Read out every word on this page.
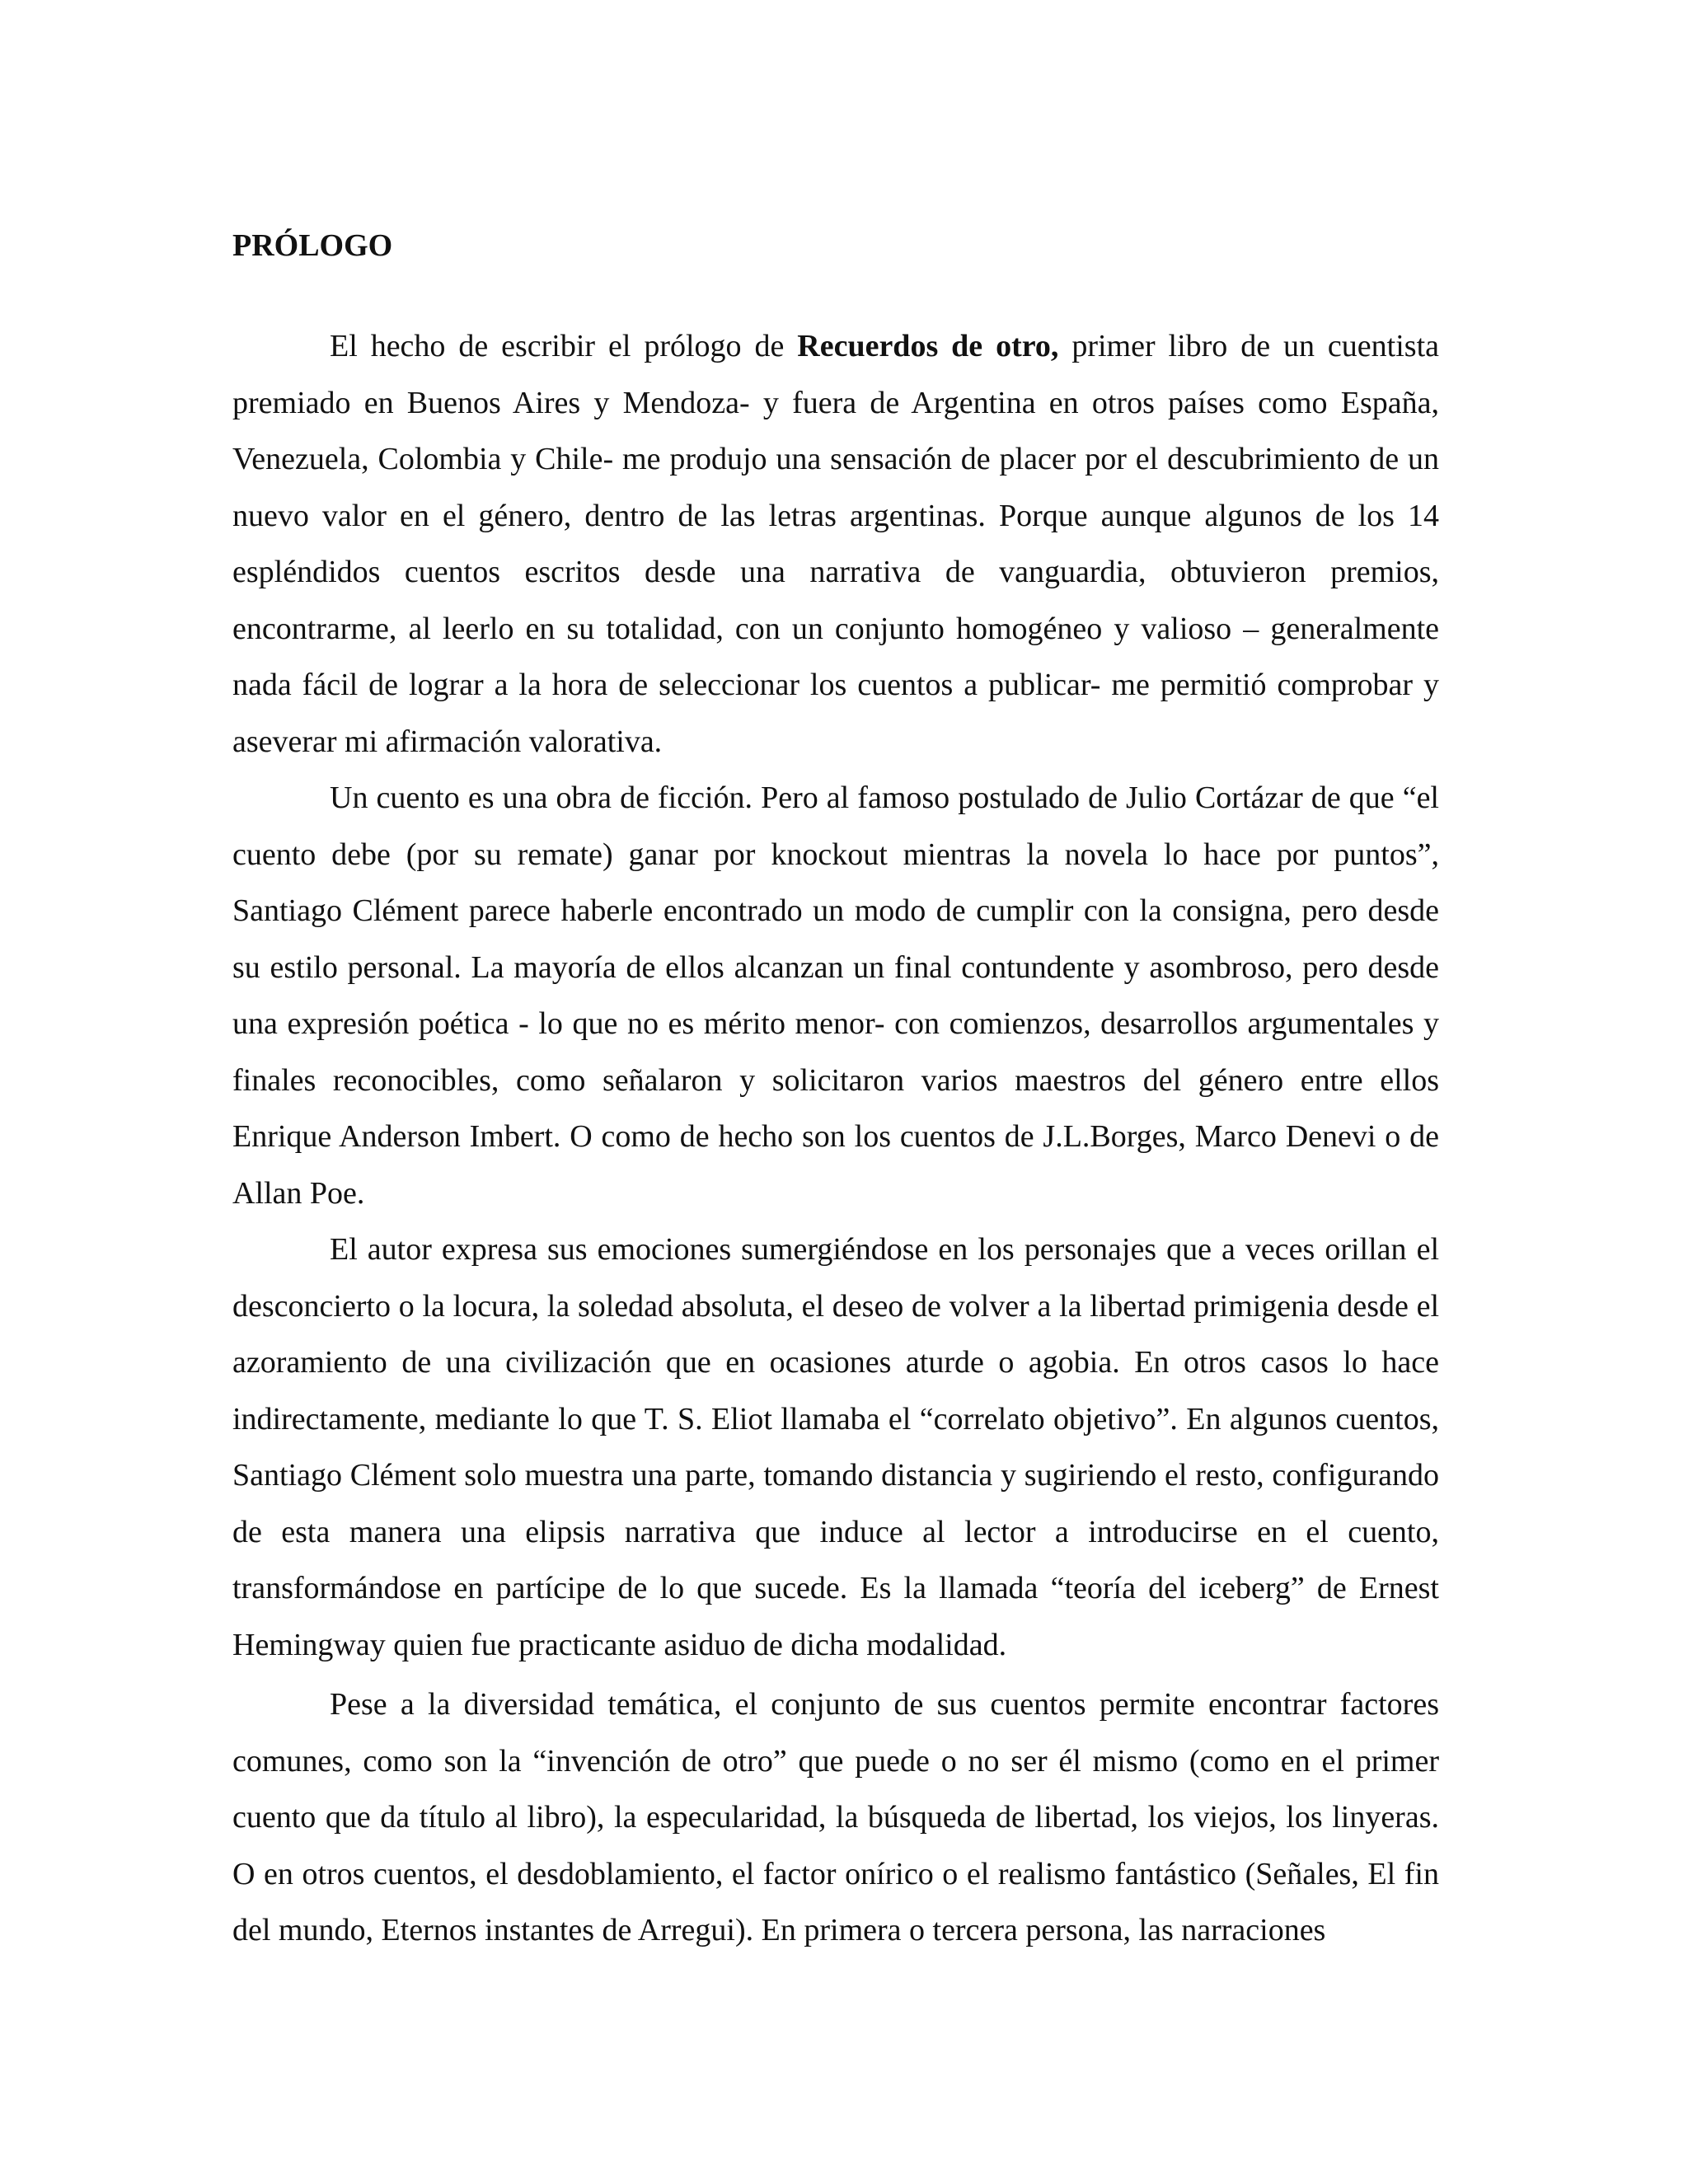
PRÓLOGO

El hecho de escribir el prólogo de Recuerdos de otro, primer libro de un cuentista premiado en Buenos Aires y Mendoza- y fuera de Argentina en otros países como España, Venezuela, Colombia y Chile- me produjo una sensación de placer por el descubrimiento de un nuevo valor en el género, dentro de las letras argentinas. Porque aunque algunos de los 14 espléndidos cuentos escritos desde una narrativa de vanguardia, obtuvieron premios, encontrarme, al leerlo en su totalidad, con un conjunto homogéneo y valioso – generalmente nada fácil de lograr a la hora de seleccionar los cuentos a publicar- me permitió comprobar y aseverar mi afirmación valorativa.

Un cuento es una obra de ficción. Pero al famoso postulado de Julio Cortázar de que “el cuento debe (por su remate) ganar por knockout mientras la novela lo hace por puntos”, Santiago Clément parece haberle encontrado un modo de cumplir con la consigna, pero desde su estilo personal. La mayoría de ellos alcanzan un final contundente y asombroso, pero desde una expresión poética - lo que no es mérito menor- con comienzos, desarrollos argumentales y finales reconocibles, como señalaron y solicitaron varios maestros del género entre ellos Enrique Anderson Imbert. O como de hecho son los cuentos de J.L.Borges, Marco Denevi o de Allan Poe.

El autor expresa sus emociones sumergiéndose en los personajes que a veces orillan el desconcierto o la locura, la soledad absoluta, el deseo de volver a la libertad primigenia desde el azoramiento de una civilización que en ocasiones aturde o agobia. En otros casos lo hace indirectamente, mediante lo que T. S. Eliot llamaba el “correlato objetivo”. En algunos cuentos, Santiago Clément solo muestra una parte, tomando distancia y sugiriendo el resto, configurando de esta manera una elipsis narrativa que induce al lector a introducirse en el cuento, transformándose en partícipe de lo que sucede. Es la llamada “teoría del iceberg” de Ernest Hemingway quien fue practicante asiduo de dicha modalidad.

Pese a la diversidad temática, el conjunto de sus cuentos permite encontrar factores comunes, como son la “invención de otro” que puede o no ser él mismo (como en el primer cuento que da título al libro), la especularidad, la búsqueda de libertad, los viejos, los linyeras. O en otros cuentos, el desdoblamiento, el factor onírico o el realismo fantástico (Señales, El fin del mundo, Eternos instantes de Arregui). En primera o tercera persona, las narraciones
